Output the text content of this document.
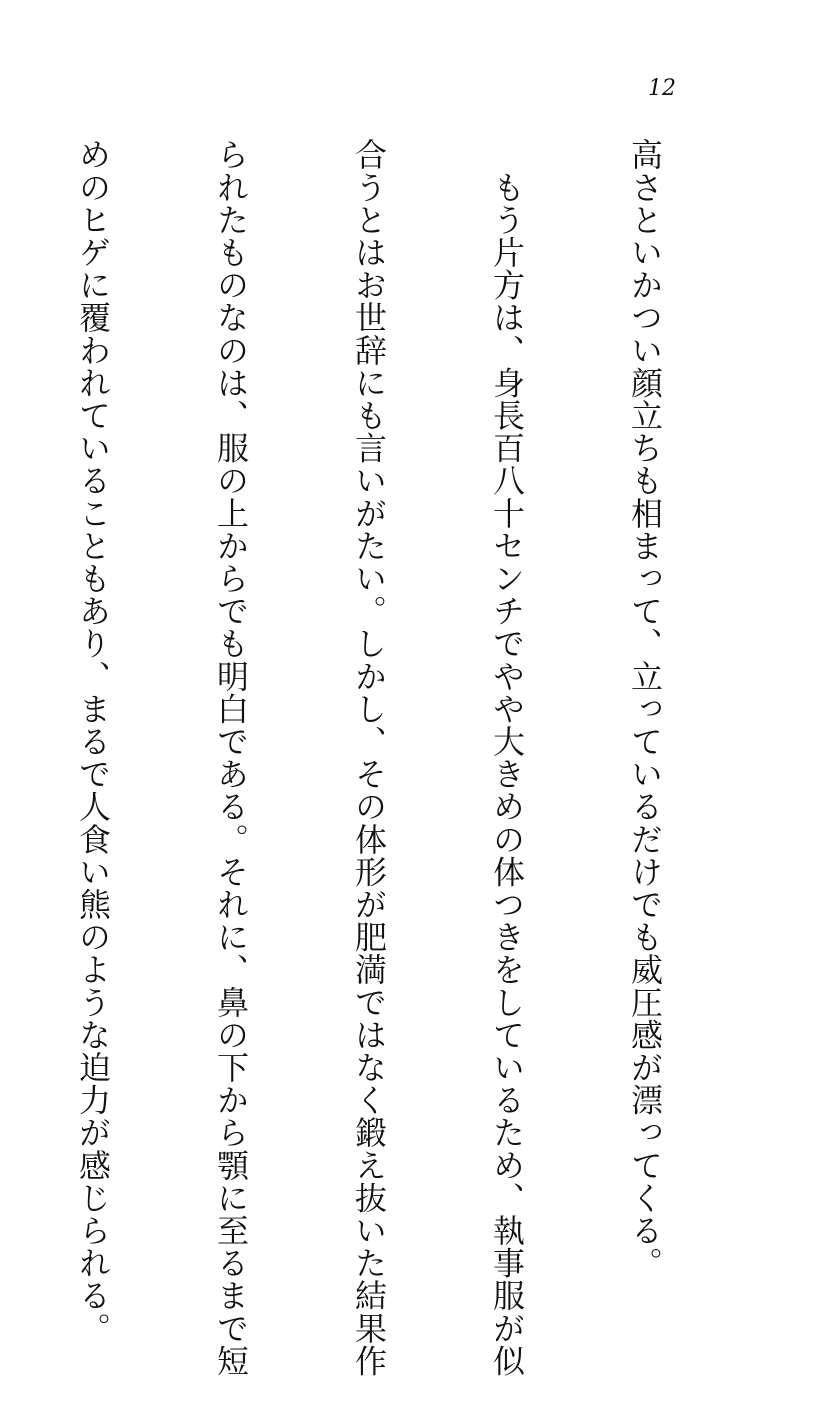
12

高さといかつい顔立ちも相まって、立っているだけでも威圧感が漂ってくる。

　もう片方は、身長百八十センチでやや大きめの体つきをしているため、執事服が似

合うとはお世辞にも言いがたい。しかし、その体形が肥満ではなく鍛え抜いた結果作

られたものなのは、服の上からでも明白である。それに、鼻の下から顎に至るまで短

めのヒゲに覆われていることもあり、まるで人食い熊のような迫力が感じられる。
